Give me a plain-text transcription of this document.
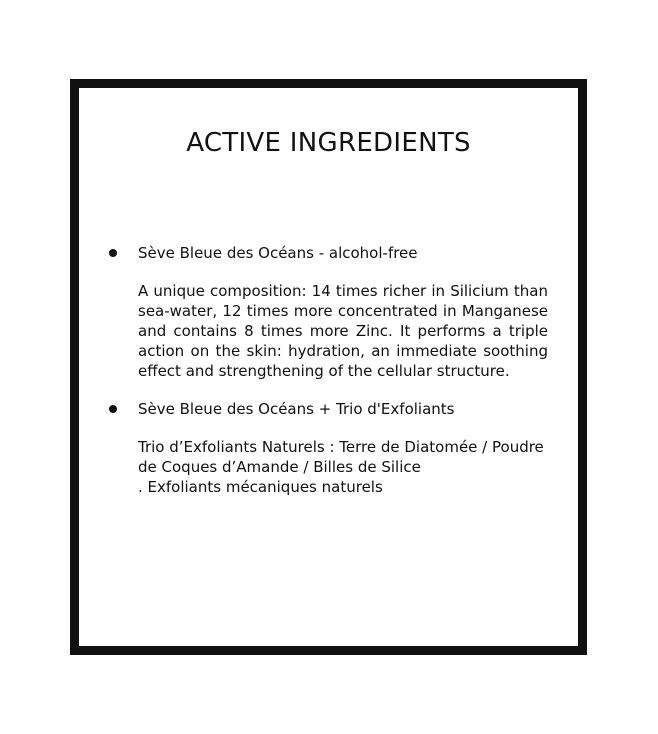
ACTIVE INGREDIENTS
Sève Bleue des Océans - alcohol-free
A unique composition: 14 times richer in Silicium than sea-water, 12 times more concentrated in Manganese and contains 8 times more Zinc. It performs a triple action on the skin: hydration, an immediate soothing effect and strengthening of the cellular structure.
Sève Bleue des Océans + Trio d'Exfoliants
Trio d’Exfoliants Naturels : Terre de Diatomée / Poudre de Coques d’Amande / Billes de Silice
. Exfoliants mécaniques naturels
